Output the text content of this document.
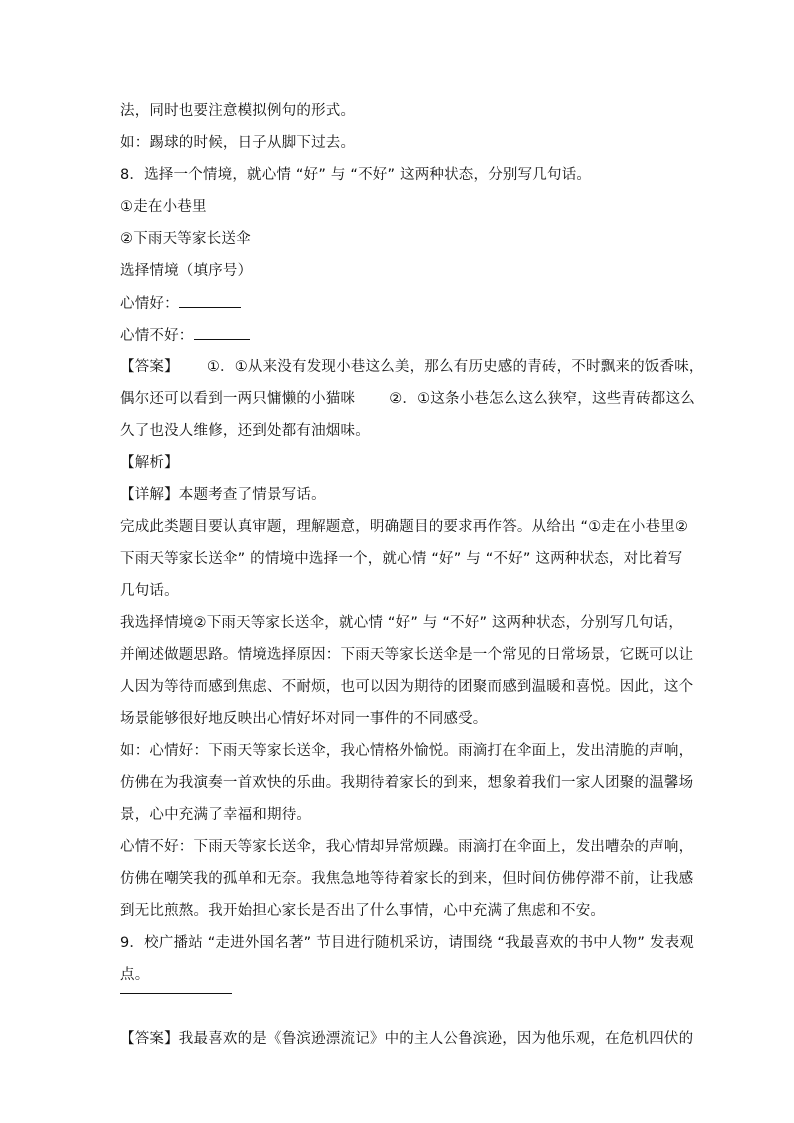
法，同时也要注意模拟例句的形式。
如：踢球的时候，日子从脚下过去。
8．选择一个情境，就心情 “好” 与 “不好” 这两种状态，分别写几句话。
①走在小巷里
②下雨天等家长送伞
选择情境（填序号）
心情好：
心情不好：
【答案】 ①．①从来没有发现小巷这么美，那么有历史感的青砖，不时飘来的饭香味，
偶尔还可以看到一两只慵懒的小猫咪 ②．①这条小巷怎么这么狭窄，这些青砖都这么
久了也没人维修，还到处都有油烟味。
【解析】
【详解】本题考查了情景写话。
完成此类题目要认真审题，理解题意，明确题目的要求再作答。从给出 “①走在小巷里②
下雨天等家长送伞” 的情境中选择一个，就心情 “好” 与 “不好” 这两种状态，对比着写
几句话。
我选择情境②下雨天等家长送伞，就心情 “好” 与 “不好” 这两种状态，分别写几句话，
并阐述做题思路。情境选择原因：下雨天等家长送伞是一个常见的日常场景，它既可以让
人因为等待而感到焦虑、不耐烦，也可以因为期待的团聚而感到温暖和喜悦。因此，这个
场景能够很好地反映出心情好坏对同一事件的不同感受。
如：心情好：下雨天等家长送伞，我心情格外愉悦。雨滴打在伞面上，发出清脆的声响，
仿佛在为我演奏一首欢快的乐曲。我期待着家长的到来，想象着我们一家人团聚的温馨场
景，心中充满了幸福和期待。
心情不好：下雨天等家长送伞，我心情却异常烦躁。雨滴打在伞面上，发出嘈杂的声响，
仿佛在嘲笑我的孤单和无奈。我焦急地等待着家长的到来，但时间仿佛停滞不前，让我感
到无比煎熬。我开始担心家长是否出了什么事情，心中充满了焦虑和不安。
9．校广播站 “走进外国名著” 节目进行随机采访，请围绕 “我最喜欢的书中人物” 发表观
点。
【答案】我最喜欢的是《鲁滨逊漂流记》中的主人公鲁滨逊，因为他乐观，在危机四伏的
